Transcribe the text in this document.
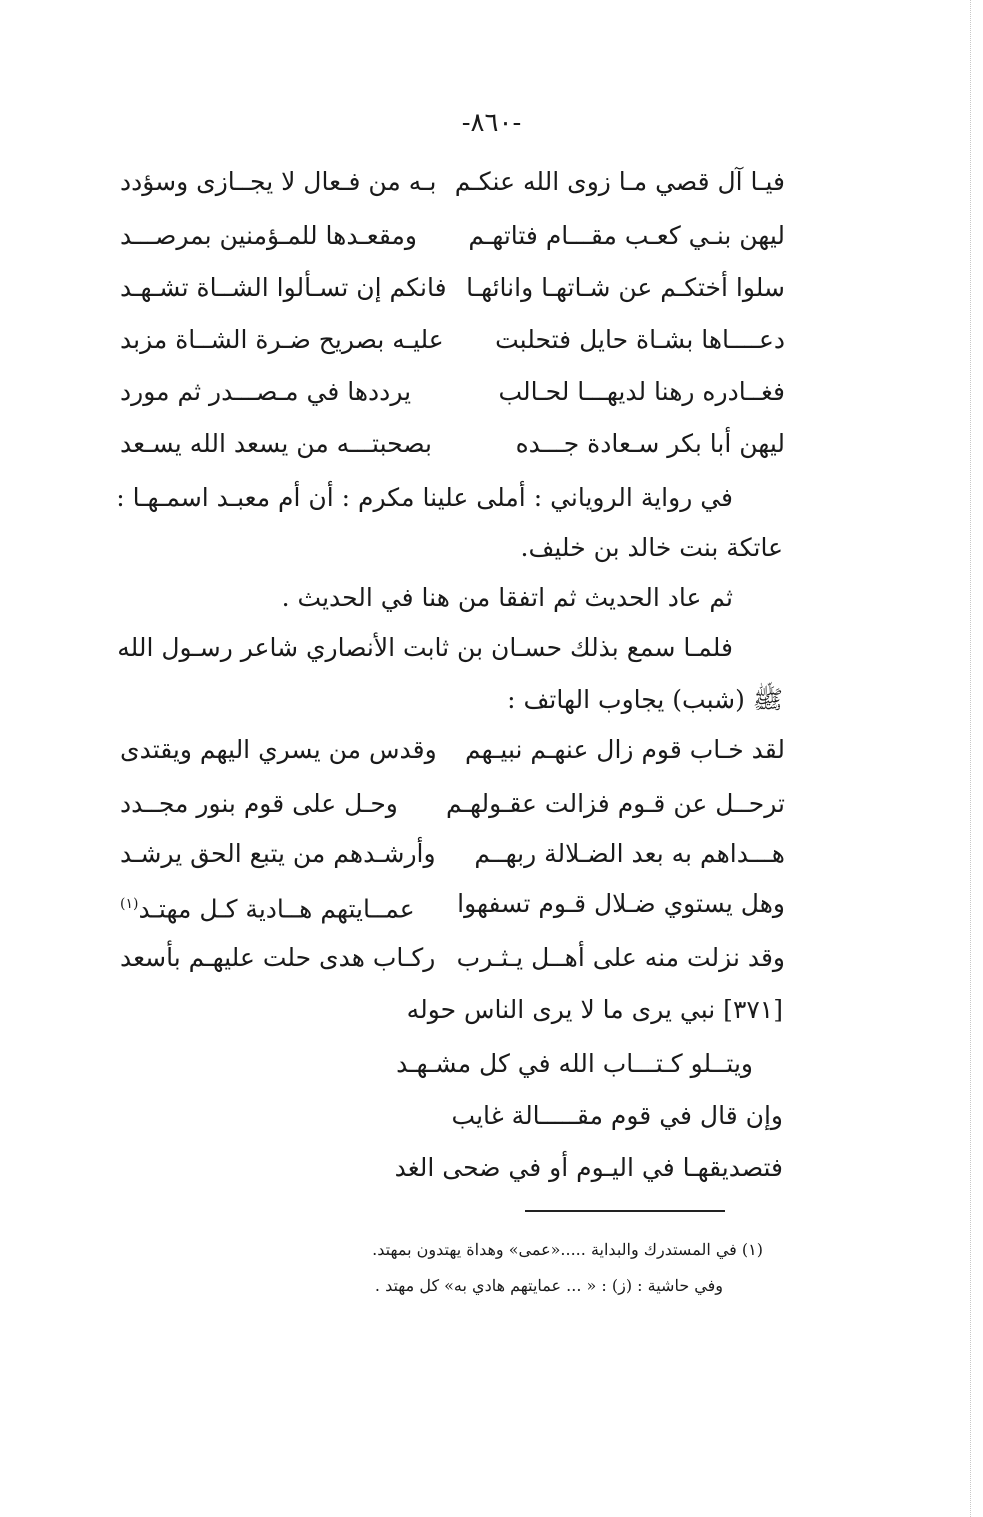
-٨٦٠-
فيـا آل قصي مـا زوى الله عنكـم
بـه من فـعال لا يجــازى وسؤدد
ليهن بنـي كعـب مقـــام فتاتهـم
ومقعـدها للمـؤمنين بمرصـــد
سلوا أختكـم عن شـاتهـا وانائهـا
فانكم إن تسـألوا الشــاة تشـهـد
دعــــاها بشـاة حايل فتحلبت
عليـه بصريح ضـرة الشــاة مزبد
فغــادره رهنا لديهـــا لحـالب
يرددها في مـصـــدر ثم مورد
ليهن أبا بكر سـعادة جـــده
بصحبتـــه من يسعد الله يسـعد
في رواية الروياني : أملى علينا مكرم : أن أم معبـد اسمـهـا :
عاتكة بنت خالد بن خليف.
ثم عاد الحديث ثم اتفقا من هنا في الحديث .
فلمـا سمع بذلك حسـان بن ثابت الأنصاري شاعر رسـول الله
ﷺ (شبب) يجاوب الهاتف :
لقد خـاب قوم زال عنهـم نبيـهم
وقدس من يسري اليهم ويقتدى
ترحــل عن قـوم فزالت عقـولهـم
وحـل على قوم بنور مجــدد
هـــداهم به بعد الضـلالة ربهــم
وأرشـدهم من يتبع الحق يرشـد
وهل يستوي ضـلال قـوم تسفهوا
عمــايتهم هــادية كـل مهتـد$^{(١)}$
وقد نزلت منه على أهــل يـثـرب
ركـاب هدى حلت عليهـم بأسعد
[٣٧١] نبي يرى ما لا يرى الناس حوله
ويتــلو كـتـــاب الله في كل مشـهـد
وإن قال في قوم مقـــــالة غايب
فتصديقهـا في اليـوم أو في ضحى الغد
(١) في المستدرك والبداية .....«عمى» وهداة يهتدون بمهتد.
وفي حاشية : (ز) : « ... عمايتهم هادي به» كل مهتد .
